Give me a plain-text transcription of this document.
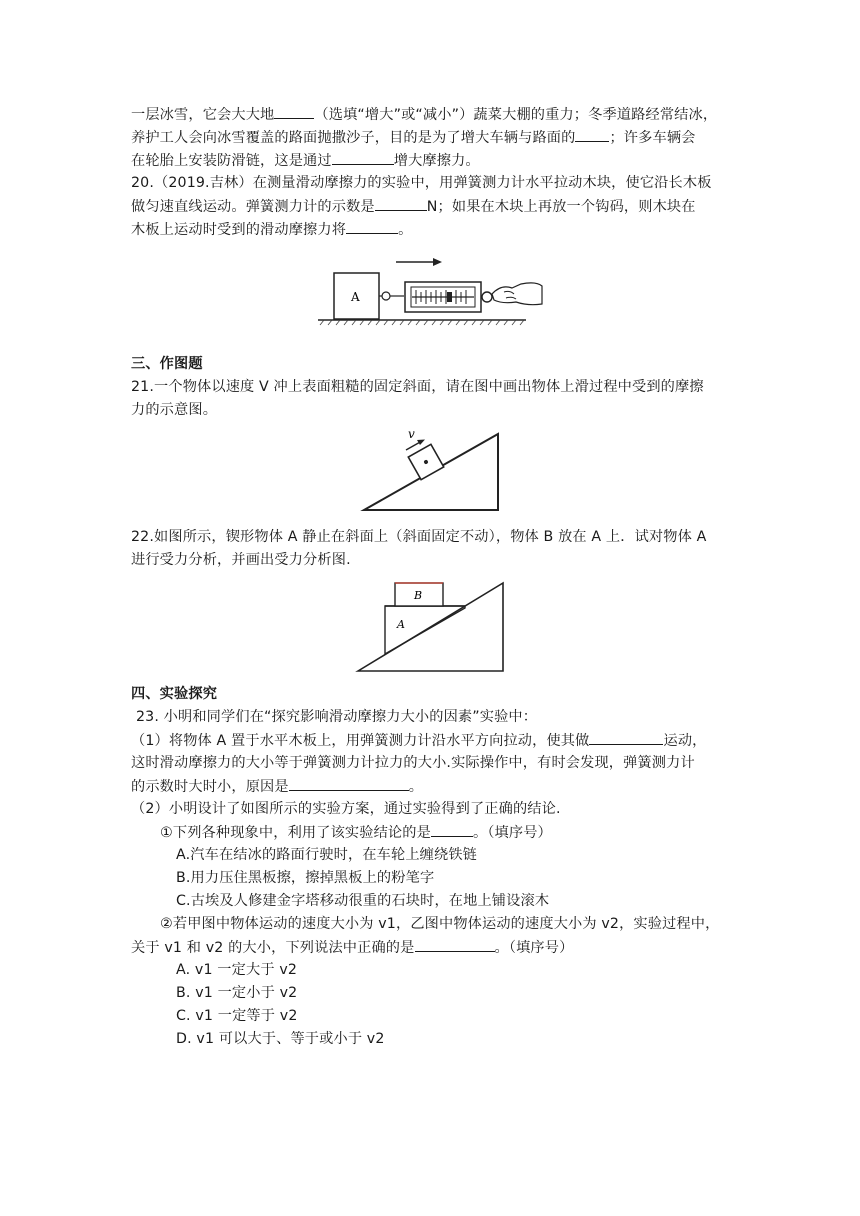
一层冰雪，它会大大地	（选填“增大”或“减小”）蔬菜大棚的重力；冬季道路经常结冰，
养护工人会向冰雪覆盖的路面抛撒沙子，目的是为了增大车辆与路面的 ；许多车辆会
在轮胎上安装防滑链，这是通过	增大摩擦力。
20.（2019.吉林）在测量滑动摩擦力的实验中，用弹簧测力计水平拉动木块，使它沿长木板
做匀速直线运动。弹簧测力计的示数是	N；如果在木块上再放一个钩码，则木块在
木板上运动时受到的滑动摩擦力将	。
A
三、作图题
21.一个物体以速度 V 冲上表面粗糙的固定斜面，请在图中画出物体上滑过程中受到的摩擦
力的示意图。
v
22.如图所示，锲形物体 A 静止在斜面上（斜面固定不动），物体 B 放在 A 上．试对物体 A
进行受力分析，并画出受力分析图.
A
B
四、实验探究
23. 小明和同学们在“探究影响滑动摩擦力大小的因素”实验中：
（1）将物体 A 置于水平木板上，用弹簧测力计沿水平方向拉动，使其做	运动，
这时滑动摩擦力的大小等于弹簧测力计拉力的大小.实际操作中，有时会发现，弹簧测力计
的示数时大时小，原因是	。
（2）小明设计了如图所示的实验方案，通过实验得到了正确的结论.
①下列各种现象中，利用了该实验结论的是	。（填序号）
A.汽车在结冰的路面行驶时，在车轮上缠绕铁链
B.用力压住黑板擦，擦掉黑板上的粉笔字
C.古埃及人修建金字塔移动很重的石块时，在地上铺设滚木
②若甲图中物体运动的速度大小为 v1，乙图中物体运动的速度大小为 v2，实验过程中，
关于 v1 和 v2 的大小，下列说法中正确的是	。（填序号）
A. v1 一定大于 v2
B. v1 一定小于 v2
C. v1 一定等于 v2
D. v1 可以大于、等于或小于 v2
